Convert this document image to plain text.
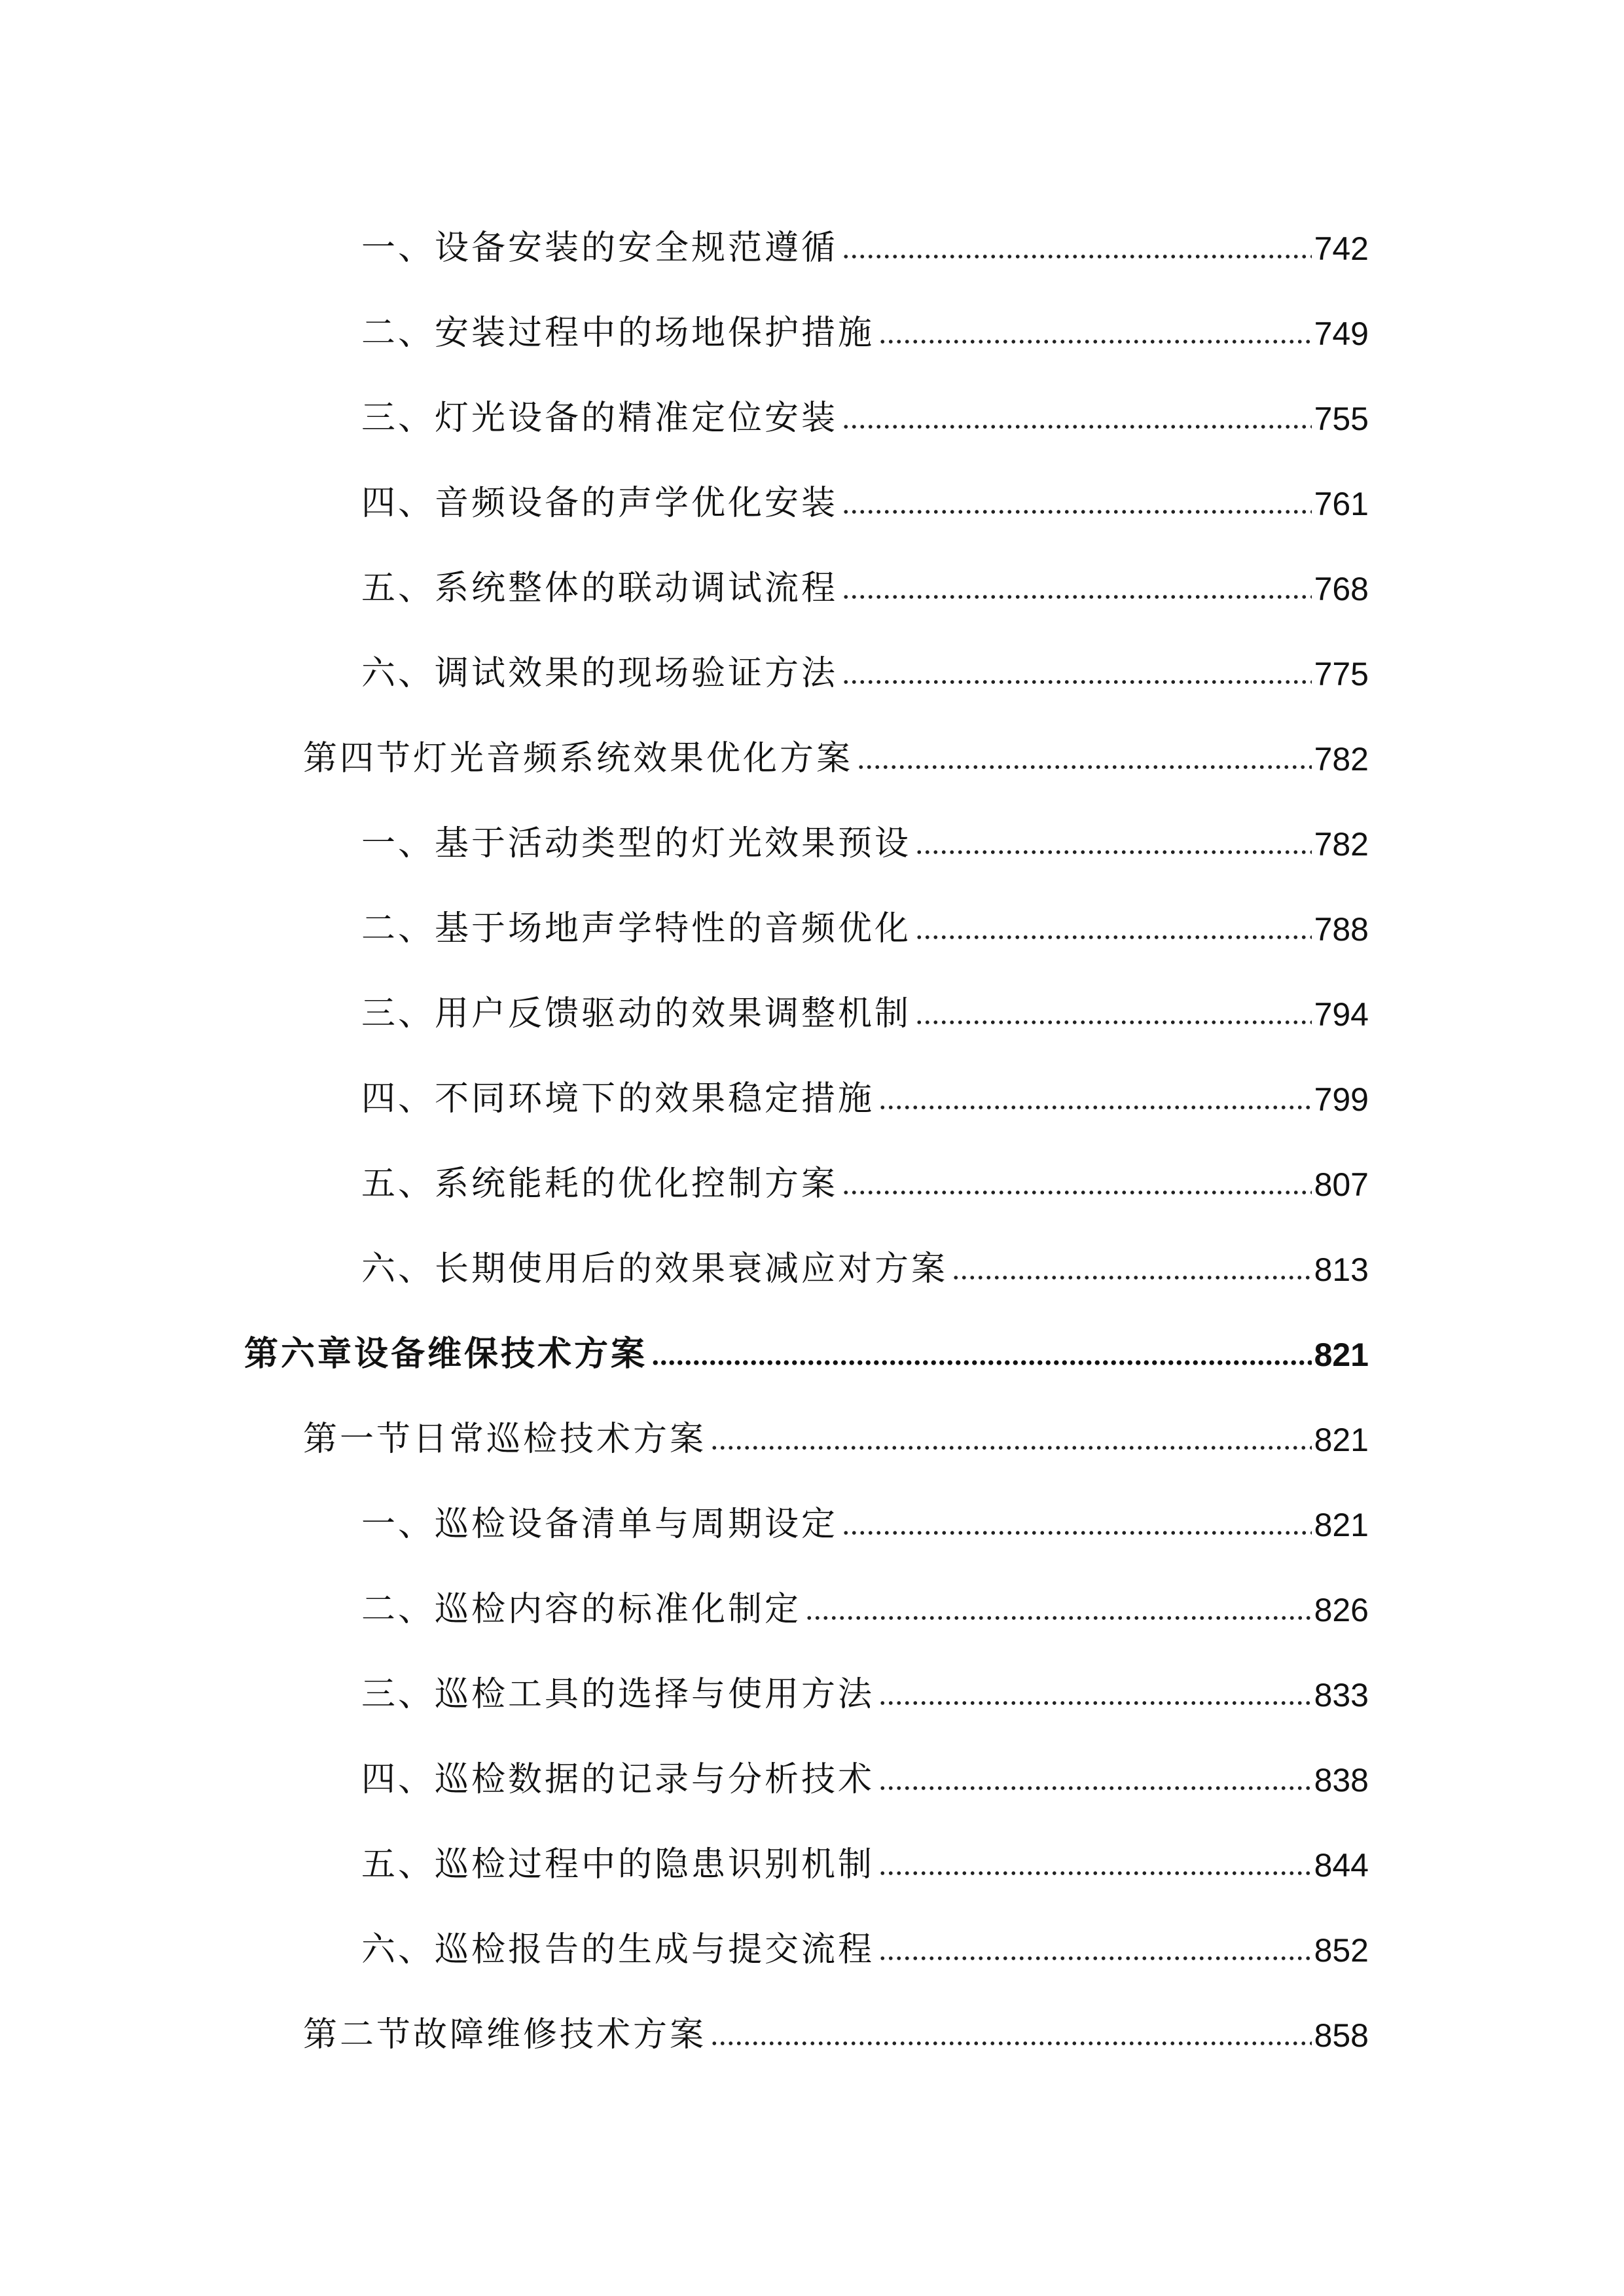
一、设备安装的安全规范遵循	742
二、安装过程中的场地保护措施	749
三、灯光设备的精准定位安装	755
四、音频设备的声学优化安装	761
五、系统整体的联动调试流程	768
六、调试效果的现场验证方法	775
第四节灯光音频系统效果优化方案	782
一、基于活动类型的灯光效果预设	782
二、基于场地声学特性的音频优化	788
三、用户反馈驱动的效果调整机制	794
四、不同环境下的效果稳定措施	799
五、系统能耗的优化控制方案	807
六、长期使用后的效果衰减应对方案	813
第六章设备维保技术方案	821
第一节日常巡检技术方案	821
一、巡检设备清单与周期设定	821
二、巡检内容的标准化制定	826
三、巡检工具的选择与使用方法	833
四、巡检数据的记录与分析技术	838
五、巡检过程中的隐患识别机制	844
六、巡检报告的生成与提交流程	852
第二节故障维修技术方案	858
